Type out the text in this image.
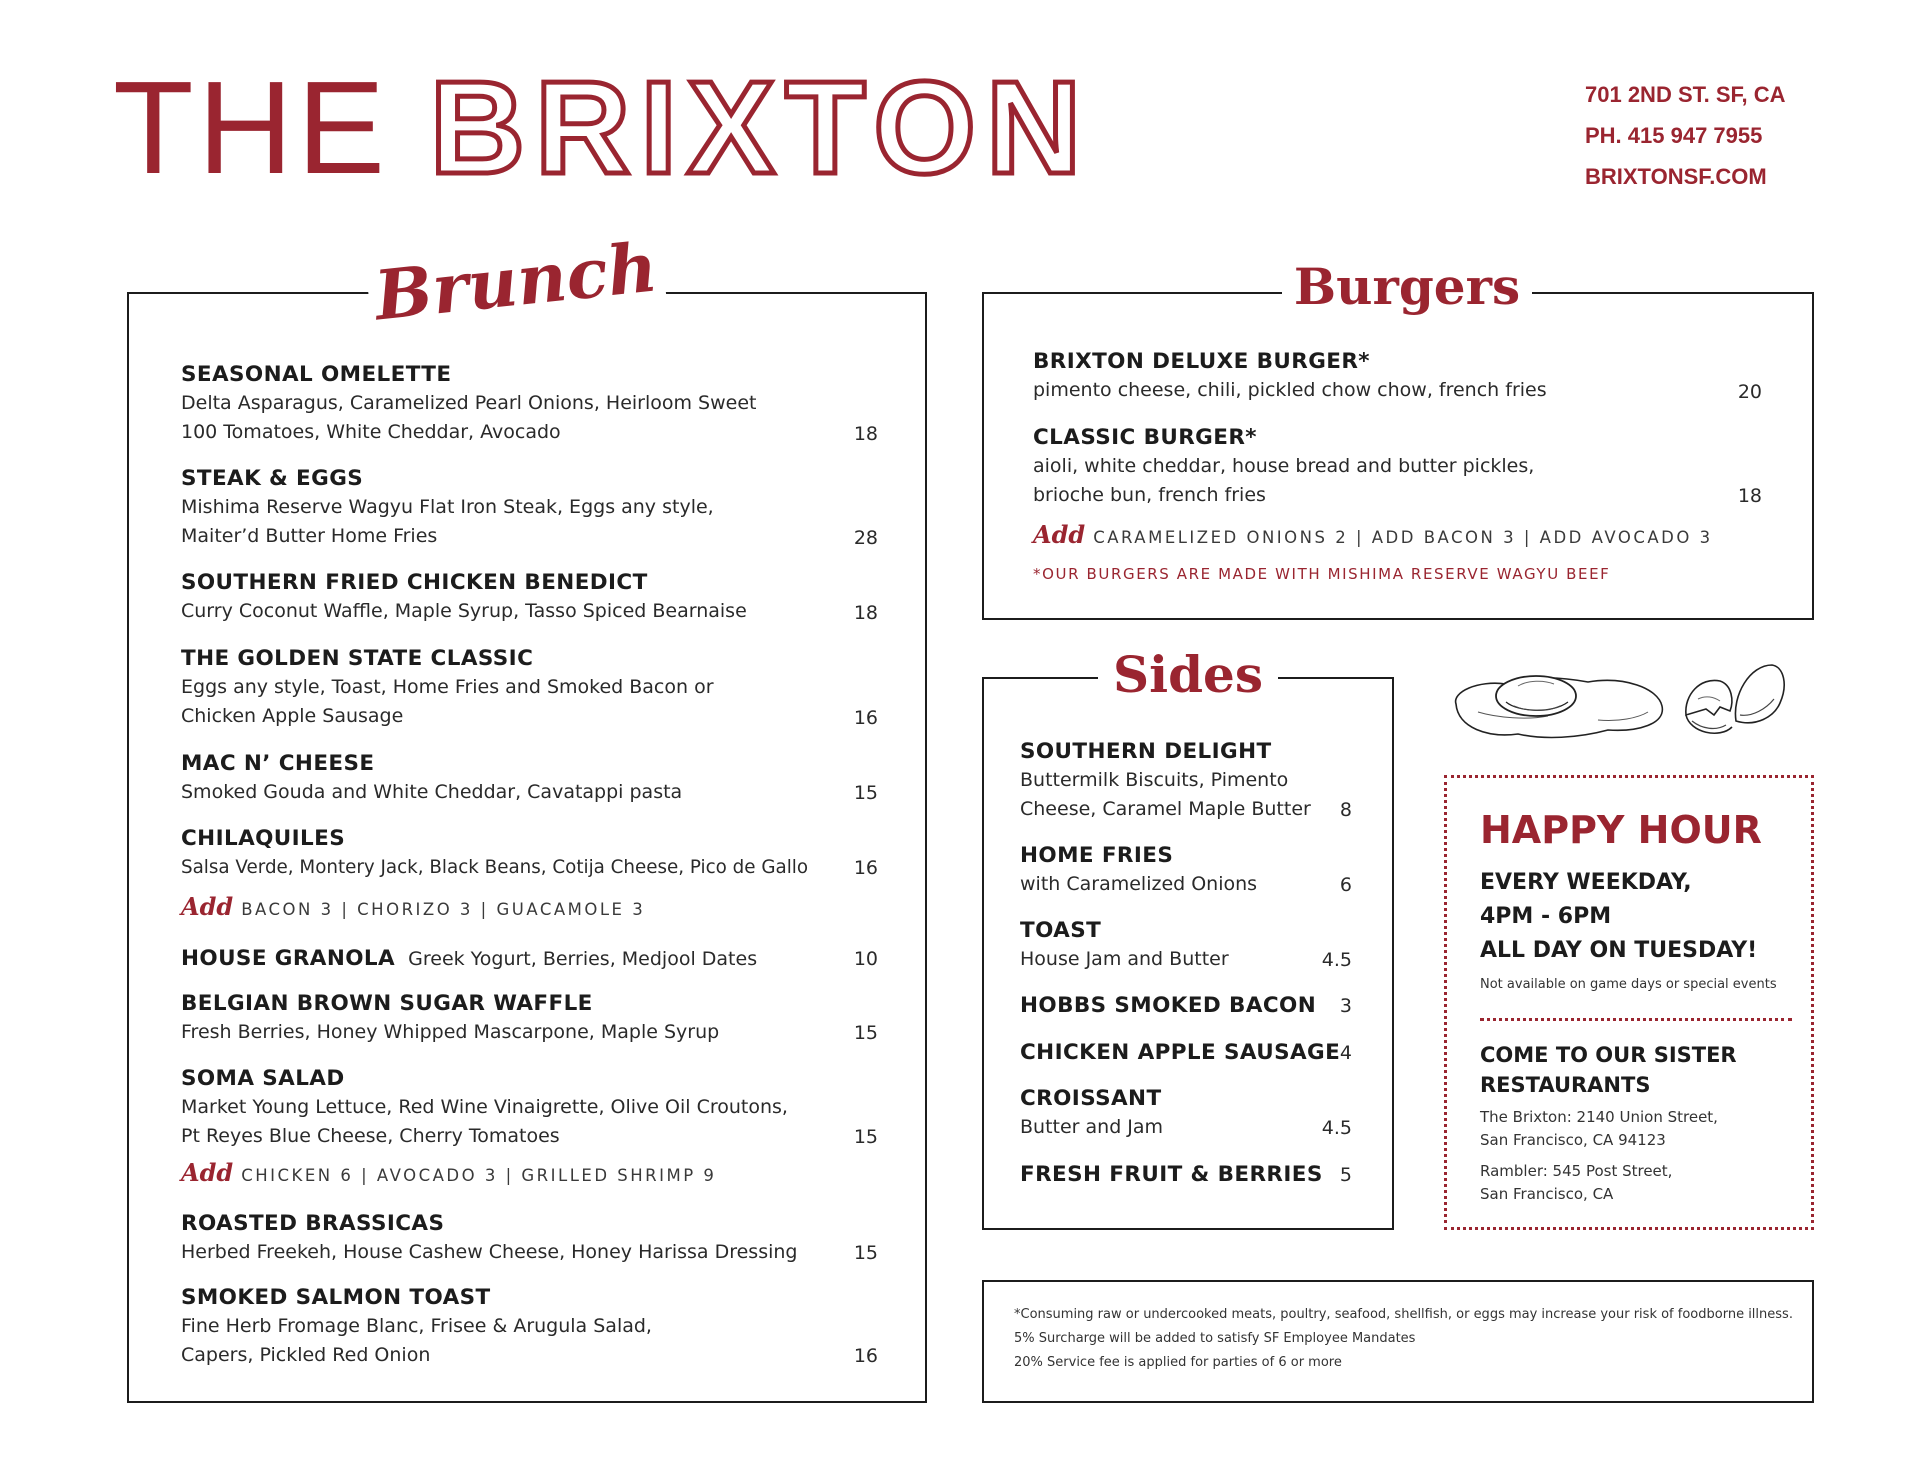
THE BRIXTON	701 2ND ST. SF, CA
PH. 415 947 7955
BRIXTONSF.COM
Brunch
SEASONAL OMELETTE
Delta Asparagus, Caramelized Pearl Onions, Heirloom Sweet
100 Tomatoes, White Cheddar, Avocado	18
STEAK & EGGS
Mishima Reserve Wagyu Flat Iron Steak, Eggs any style,
Maiter’d Butter Home Fries	28
SOUTHERN FRIED CHICKEN BENEDICT
Curry Coconut Waffle, Maple Syrup, Tasso Spiced Bearnaise	18
THE GOLDEN STATE CLASSIC
Eggs any style, Toast, Home Fries and Smoked Bacon or
Chicken Apple Sausage	16
MAC N’ CHEESE
Smoked Gouda and White Cheddar, Cavatappi pasta	15
CHILAQUILES
Salsa Verde, Montery Jack, Black Beans, Cotija Cheese, Pico de Gallo	16
Add BACON 3 | CHORIZO 3 | GUACAMOLE 3
HOUSE GRANOLA Greek Yogurt, Berries, Medjool Dates	10
BELGIAN BROWN SUGAR WAFFLE
Fresh Berries, Honey Whipped Mascarpone, Maple Syrup	15
SOMA SALAD
Market Young Lettuce, Red Wine Vinaigrette, Olive Oil Croutons,
Pt Reyes Blue Cheese, Cherry Tomatoes	15
Add CHICKEN 6 | AVOCADO 3 | GRILLED SHRIMP 9
ROASTED BRASSICAS
Herbed Freekeh, House Cashew Cheese, Honey Harissa Dressing	15
SMOKED SALMON TOAST
Fine Herb Fromage Blanc, Frisee & Arugula Salad,
Capers, Pickled Red Onion	16
Burgers
BRIXTON DELUXE BURGER*
pimento cheese, chili, pickled chow chow, french fries	20
CLASSIC BURGER*
aioli, white cheddar, house bread and butter pickles,
brioche bun, french fries	18
Add CARAMELIZED ONIONS 2 | ADD BACON 3 | ADD AVOCADO 3
*OUR BURGERS ARE MADE WITH MISHIMA RESERVE WAGYU BEEF
Sides
SOUTHERN DELIGHT
Buttermilk Biscuits, Pimento
Cheese, Caramel Maple Butter	8
HOME FRIES
with Caramelized Onions	6
TOAST
House Jam and Butter	4.5
HOBBS SMOKED BACON	3
CHICKEN APPLE SAUSAGE 4
CROISSANT
Butter and Jam	4.5
FRESH FRUIT & BERRIES 5
HAPPY HOUR
EVERY WEEKDAY,
4PM - 6PM
ALL DAY ON TUESDAY!
Not available on game days or special events
COME TO OUR SISTER RESTAURANTS
The Brixton: 2140 Union Street,
San Francisco, CA 94123
Rambler: 545 Post Street,
San Francisco, CA
*Consuming raw or undercooked meats, poultry, seafood, shellfish, or eggs may increase your risk of foodborne illness.
5% Surcharge will be added to satisfy SF Employee Mandates
20% Service fee is applied for parties of 6 or more
